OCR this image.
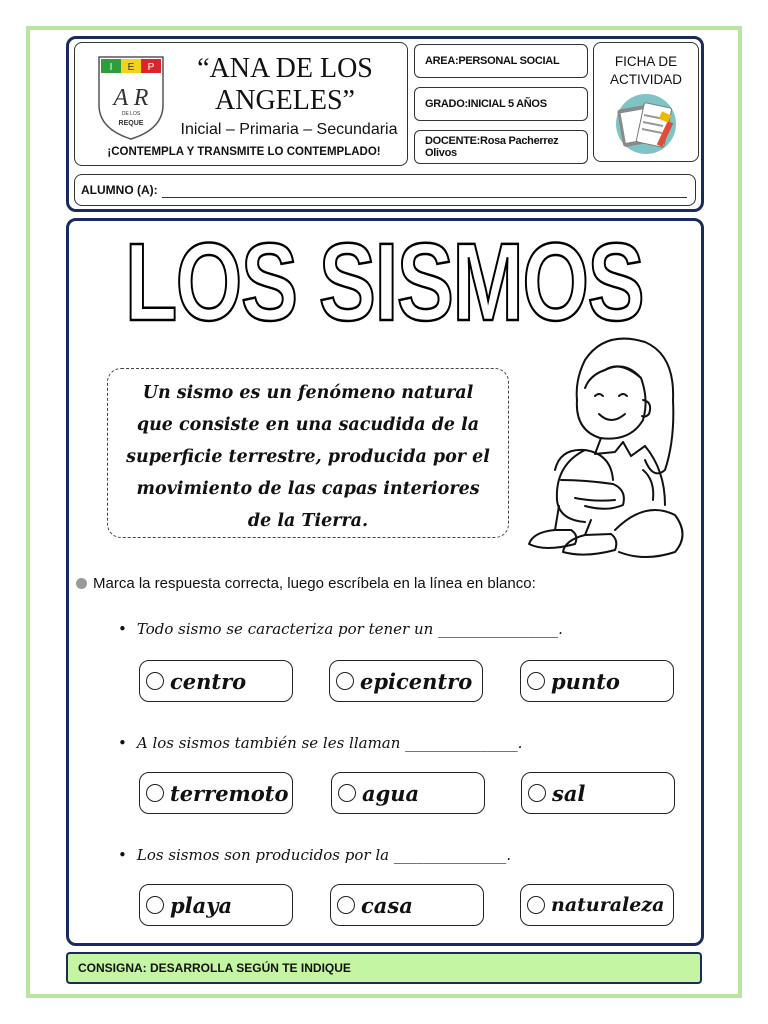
I E P
A R
DE LOS
REQUE
“ANA DE LOS ANGELES”
Inicial – Primaria – Secundaria
¡CONTEMPLA Y TRANSMITE LO CONTEMPLADO!
AREA:PERSONAL SOCIAL
GRADO:INICIAL 5 AÑOS
DOCENTE:Rosa Pacherrez Olivos
FICHA DE
ACTIVIDAD
ALUMNO (A):
LOS SISMOS
Un sismo es un fenómeno natural que consiste en una sacudida de la superficie terrestre, producida por el movimiento de las capas interiores de la Tierra.
Marca la respuesta correcta, luego escríbela en la línea en blanco:
• Todo sismo se caracteriza por tener un ________________.
centro	epicentro	punto
• A los sismos también se les llaman _______________.
terremoto	agua	sal
• Los sismos son producidos por la _______________.
playa	casa	naturaleza
CONSIGNA: DESARROLLA SEGÚN TE INDIQUE
